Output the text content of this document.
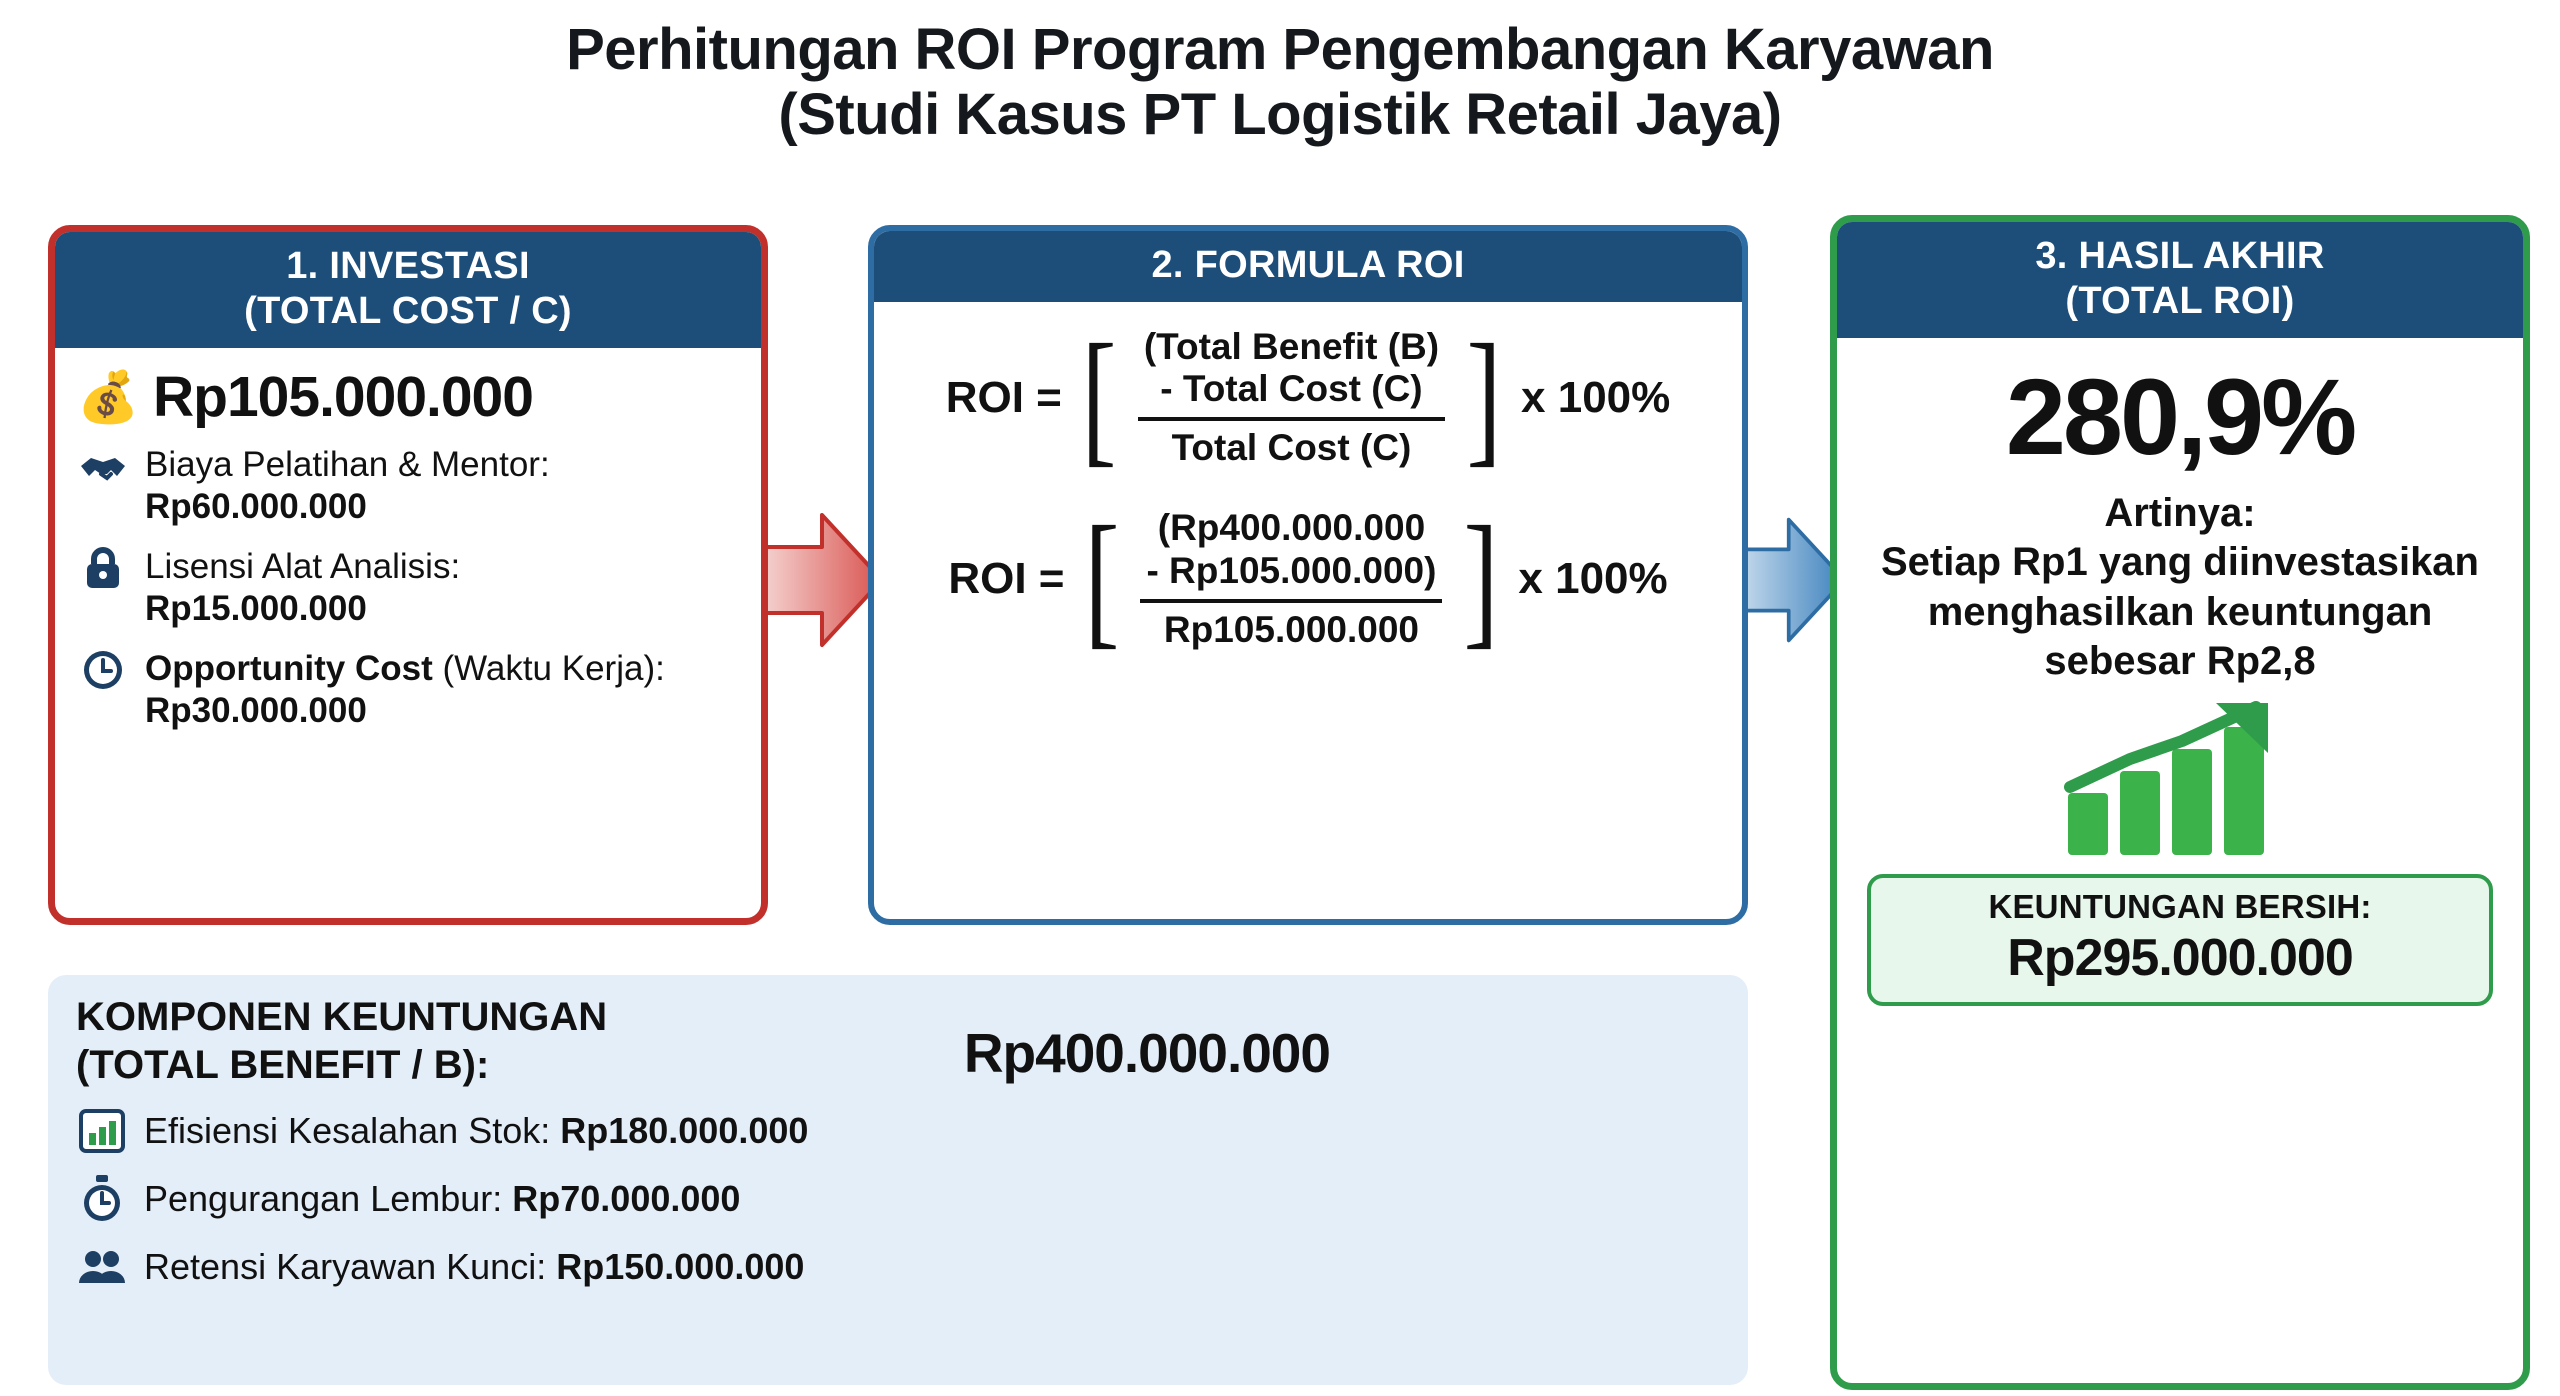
Perhitungan ROI Program Pengembangan Karyawan
(Studi Kasus PT Logistik Retail Jaya)
1. INVESTASI
(TOTAL COST / C)
💰 Rp105.000.000
Biaya Pelatihan & Mentor:
Rp60.000.000
Lisensi Alat Analisis:
Rp15.000.000
Opportunity Cost (Waktu Kerja): Rp30.000.000
2. FORMULA ROI
ROI = [ (Total Benefit (B)
- Total Cost (C)
Total Cost (C) ] x 100%
ROI = [	(Rp400.000.000
- Rp105.000.000)
Rp105.000.000 ] x 100%
3. HASIL AKHIR
(TOTAL ROI)
280,9%
Artinya:
Setiap Rp1 yang diinvestasikan menghasilkan keuntungan sebesar Rp2,8
KEUNTUNGAN BERSIH:
Rp295.000.000
KOMPONEN KEUNTUNGAN
(TOTAL BENEFIT / B):	Rp400.000.000
Efisiensi Kesalahan Stok: Rp180.000.000
Pengurangan Lembur: Rp70.000.000
Retensi Karyawan Kunci: Rp150.000.000
